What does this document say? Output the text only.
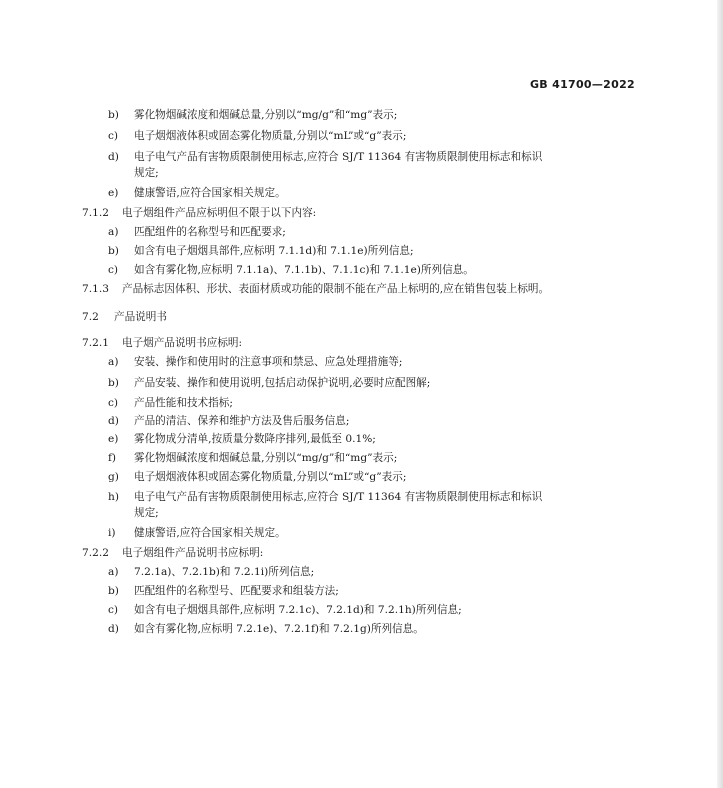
GB 41700—2022
b) 雾化物烟碱浓度和烟碱总量,分别以“mg/g”和“mg”表示;
c) 电子烟烟液体积或固态雾化物质量,分别以“mL”或“g”表示;
d) 电子电气产品有害物质限制使用标志,应符合 SJ/T 11364 有害物质限制使用标志和标识
规定;
e) 健康警语,应符合国家相关规定。
7.1.2 电子烟组件产品应标明但不限于以下内容:
a) 匹配组件的名称型号和匹配要求;
b) 如含有电子烟烟具部件,应标明 7.1.1d)和 7.1.1e)所列信息;
c) 如含有雾化物,应标明 7.1.1a)、7.1.1b)、7.1.1c)和 7.1.1e)所列信息。
7.1.3 产品标志因体积、形状、表面材质或功能的限制不能在产品上标明的,应在销售包装上标明。
7.2 产品说明书
7.2.1 电子烟产品说明书应标明:
a) 安装、操作和使用时的注意事项和禁忌、应急处理措施等;
b) 产品安装、操作和使用说明,包括启动保护说明,必要时应配图解;
c) 产品性能和技术指标;
d) 产品的清洁、保养和维护方法及售后服务信息;
e) 雾化物成分清单,按质量分数降序排列,最低至 0.1%;
f) 雾化物烟碱浓度和烟碱总量,分别以“mg/g”和“mg”表示;
g) 电子烟烟液体积或固态雾化物质量,分别以“mL”或“g”表示;
h) 电子电气产品有害物质限制使用标志,应符合 SJ/T 11364 有害物质限制使用标志和标识
规定;
i) 健康警语,应符合国家相关规定。
7.2.2 电子烟组件产品说明书应标明:
a) 7.2.1a)、7.2.1b)和 7.2.1i)所列信息;
b) 匹配组件的名称型号、匹配要求和组装方法;
c) 如含有电子烟烟具部件,应标明 7.2.1c)、7.2.1d)和 7.2.1h)所列信息;
d) 如含有雾化物,应标明 7.2.1e)、7.2.1f)和 7.2.1g)所列信息。
